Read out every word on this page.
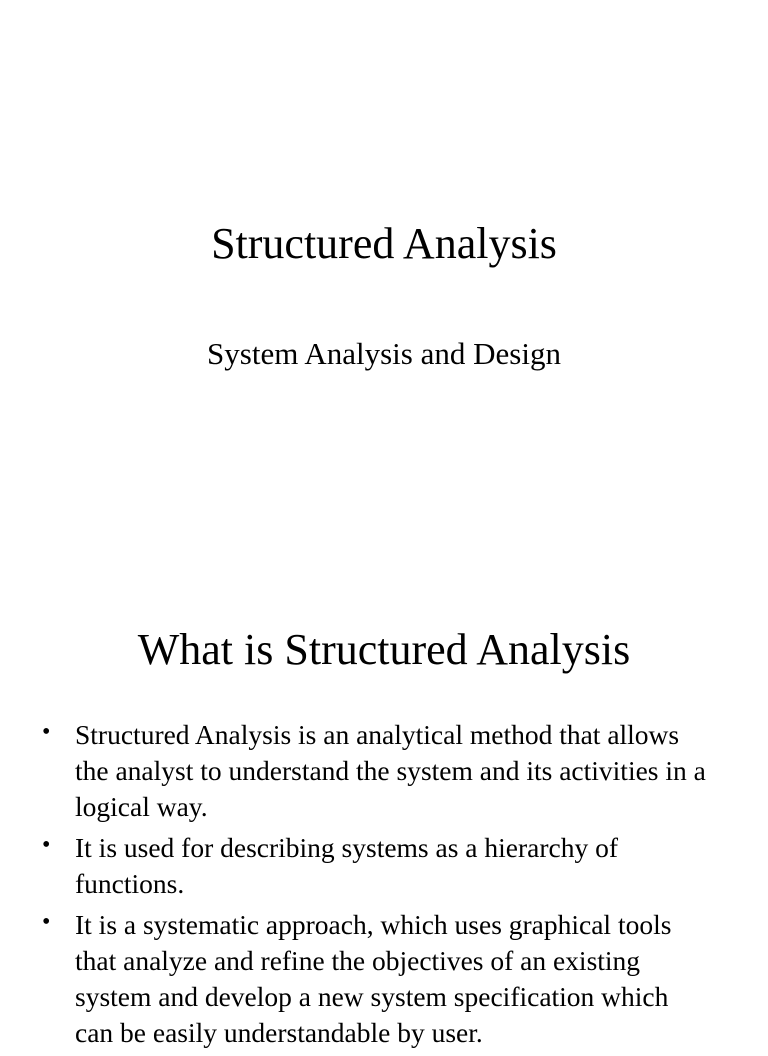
Structured Analysis
System Analysis and Design
What is Structured Analysis
• Structured Analysis is an analytical method that allows the analyst to understand the system and its activities in a logical way.
• It is used for describing systems as a hierarchy of functions.
• It is a systematic approach, which uses graphical tools that analyze and refine the objectives of an existing system and develop a new system specification which can be easily understandable by user.
